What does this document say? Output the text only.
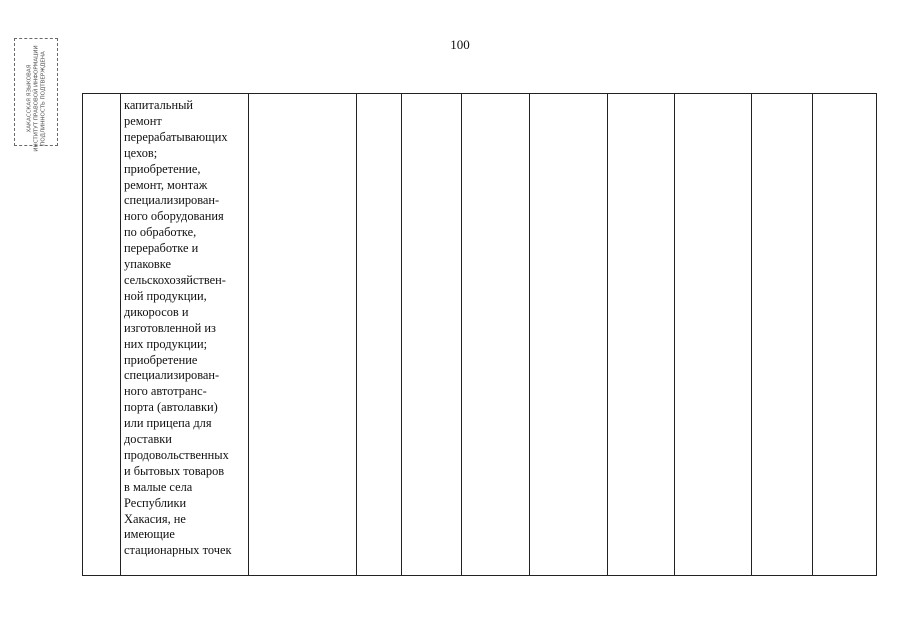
100
ХАКАССКАЯ ЯЗЫКОВАЯ ИНСТИТУТ ПРАВОВОЙ ИНФОРМАЦИИ ПОДЛИННОСТЬ ПОДТВЕРЖДЕНА
		капитальный
ремонт
перерабатывающих
цехов;
приобретение,
ремонт, монтаж
специализирован-
ного оборудования
по обработке,
переработке и
упаковке
сельскохозяйствен-
ной продукции,
дикоросов и
изготовленной из
них продукции;
приобретение
специализирован-
ного автотранс-
порта (автолавки)
или прицепа для
доставки
продовольственных
и бытовых товаров
в малые села
Республики
Хакасия, не
имеющие
стационарных точек
